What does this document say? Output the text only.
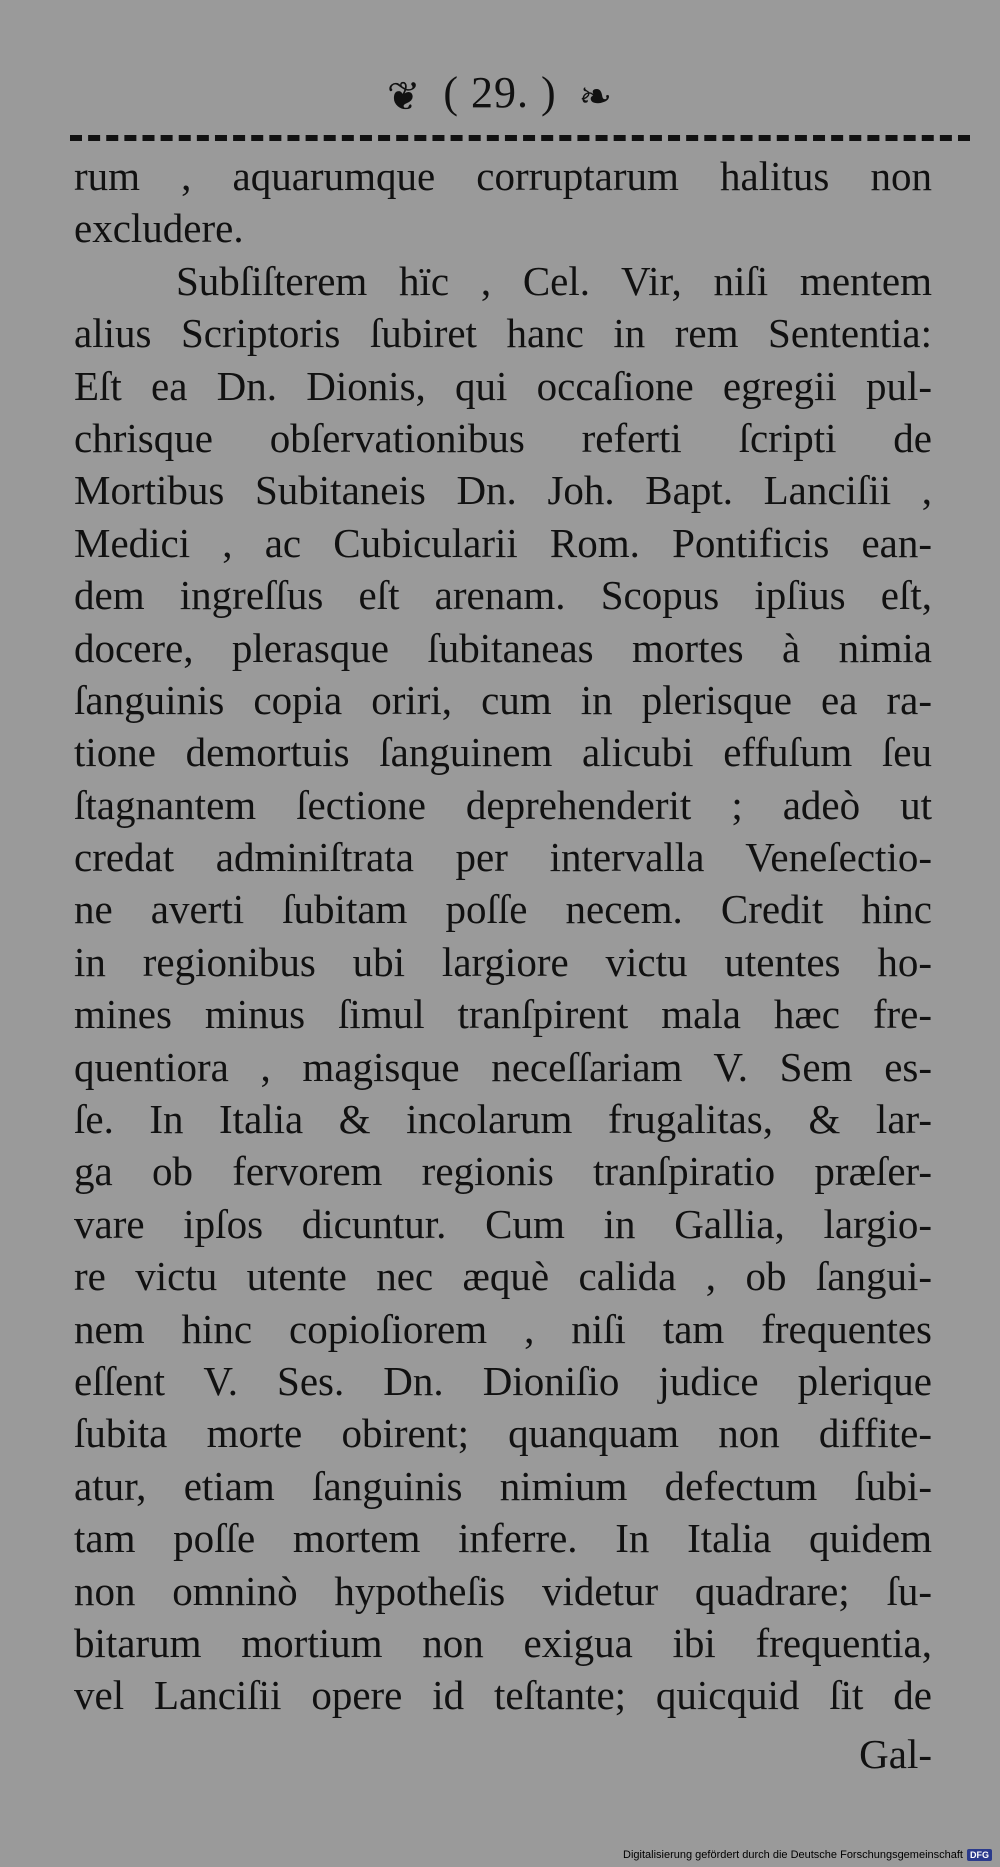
❦ ( 29. ) ❧
rum , aquarumque corruptarum halitus non
excludere.
Subſiſterem hïc , Cel. Vir, niſi mentem
alius Scriptoris ſubiret hanc in rem Sententia:
Eſt ea Dn. Dionis, qui occaſione egregii pul-
chrisque obſervationibus referti ſcripti de
Mortibus Subitaneis Dn. Joh. Bapt. Lanciſii ,
Medici , ac Cubicularii Rom. Pontificis ean-
dem ingreſſus eſt arenam. Scopus ipſius eſt,
docere, plerasque ſubitaneas mortes à nimia
ſanguinis copia oriri, cum in plerisque ea ra-
tione demortuis ſanguinem alicubi effuſum ſeu
ſtagnantem ſectione deprehenderit ; adeò ut
credat adminiſtrata per intervalla Veneſectio-
ne averti ſubitam poſſe necem. Credit hinc
in regionibus ubi largiore victu utentes ho-
mines minus ſimul tranſpirent mala hæc fre-
quentiora , magisque neceſſariam V. Sem es-
ſe. In Italia & incolarum frugalitas, & lar-
ga ob fervorem regionis tranſpiratio præſer-
vare ipſos dicuntur. Cum in Gallia, largio-
re victu utente nec æquè calida , ob ſangui-
nem hinc copioſiorem , niſi tam frequentes
eſſent V. Ses. Dn. Dioniſio judice plerique
ſubita morte obirent; quanquam non diffite-
atur, etiam ſanguinis nimium defectum ſubi-
tam poſſe mortem inferre. In Italia quidem
non omninò hypotheſis videtur quadrare; ſu-
bitarum mortium non exigua ibi frequentia,
vel Lanciſii opere id teſtante; quicquid ſit de
Gal-
Digitalisierung gefördert durch die Deutsche Forschungsgemeinschaft DFG
